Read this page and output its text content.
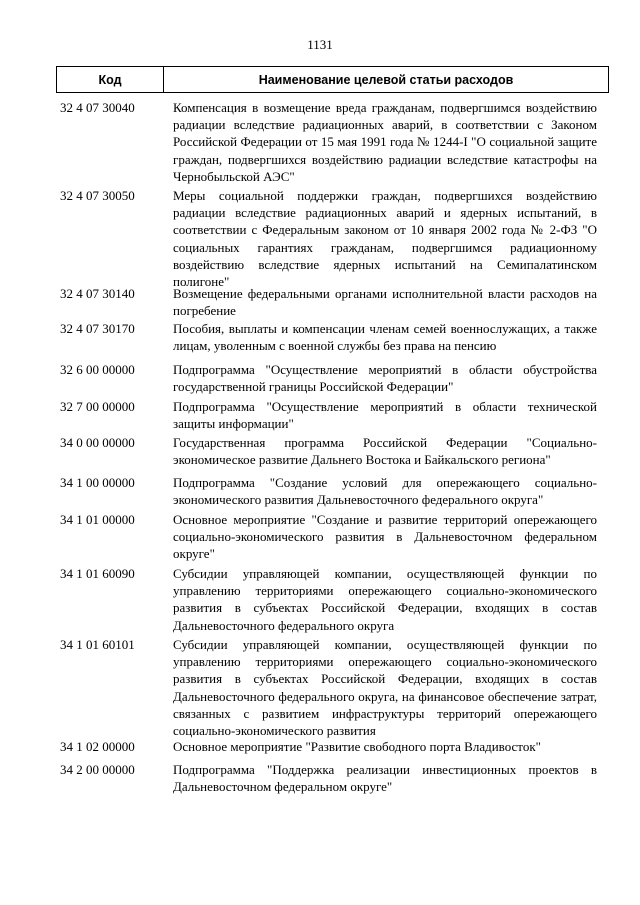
1131
Код	Наименование целевой статьи расходов
32 4 07 30040	Компенсация в возмещение вреда гражданам, подвергшимся воздействию радиации вследствие радиационных аварий, в соответствии с Законом Российской Федерации от 15 мая 1991 года № 1244-I "О социальной защите граждан, подвергшихся воздействию радиации вследствие катастрофы на Чернобыльской АЭС"
32 4 07 30050	Меры социальной поддержки граждан, подвергшихся воздействию радиации вследствие радиационных аварий и ядерных испытаний, в соответствии с Федеральным законом от 10 января 2002 года № 2-ФЗ "О социальных гарантиях гражданам, подвергшимся радиационному воздействию вследствие ядерных испытаний на Семипалатинском полигоне"
32 4 07 30140	Возмещение федеральными органами исполнительной власти расходов на погребение
32 4 07 30170	Пособия, выплаты и компенсации членам семей военнослужащих, а также лицам, уволенным с военной службы без права на пенсию
32 6 00 00000	Подпрограмма "Осуществление мероприятий в области обустройства государственной границы Российской Федерации"
32 7 00 00000	Подпрограмма "Осуществление мероприятий в области технической защиты информации"
34 0 00 00000	Государственная программа Российской Федерации "Социально-экономическое развитие Дальнего Востока и Байкальского региона"
34 1 00 00000	Подпрограмма "Создание условий для опережающего социально-экономического развития Дальневосточного федерального округа"
34 1 01 00000	Основное мероприятие "Создание и развитие территорий опережающего социально-экономического развития в Дальневосточном федеральном округе"
34 1 01 60090	Субсидии управляющей компании, осуществляющей функции по управлению территориями опережающего социально-экономического развития в субъектах Российской Федерации, входящих в состав Дальневосточного федерального округа
34 1 01 60101	Субсидии управляющей компании, осуществляющей функции по управлению территориями опережающего социально-экономического развития в субъектах Российской Федерации, входящих в состав Дальневосточного федерального округа, на финансовое обеспечение затрат, связанных с развитием инфраструктуры территорий опережающего социально-экономического развития
34 1 02 00000	Основное мероприятие "Развитие свободного порта Владивосток"
34 2 00 00000	Подпрограмма "Поддержка реализации инвестиционных проектов в Дальневосточном федеральном округе"
